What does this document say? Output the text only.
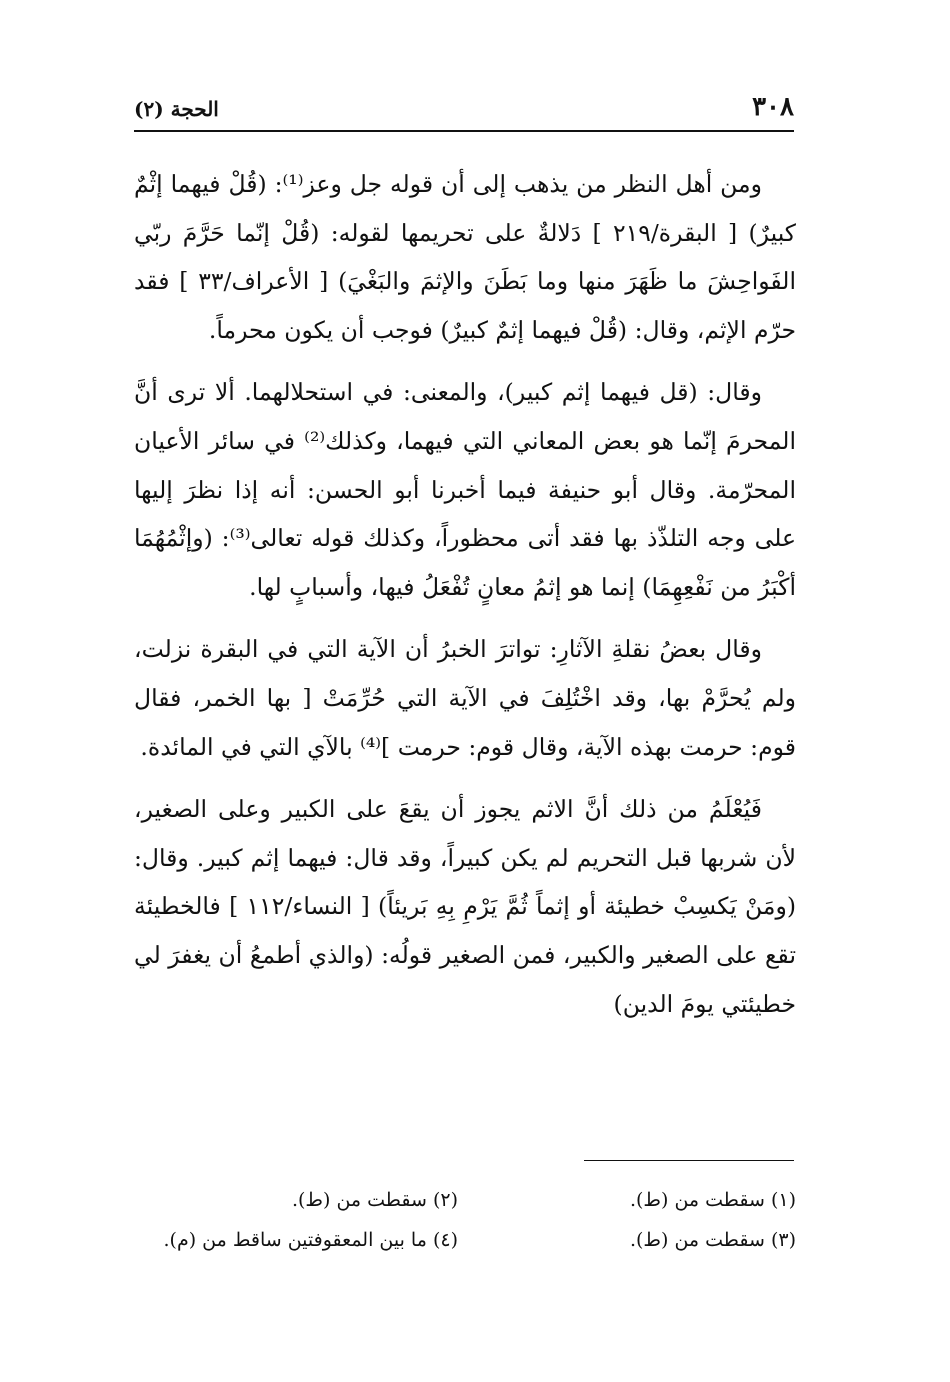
٣٠٨
الحجة (٢)

ومن أهل النظر من يذهب إلى أن قوله جل وعز⁽¹⁾: (قُلْ فيهما إثْمٌ كبيرٌ) [ البقرة/٢١٩ ] دَلالةٌ على تحريمها لقوله: (قُلْ إنّما حَرَّمَ ربّي الفَواحِشَ ما ظَهَرَ منها وما بَطَنَ والإثمَ والبَغْيَ) [ الأعراف/٣٣ ] فقد حرّم الإثم، وقال: (قُلْ فيهما إثمٌ كبيرٌ) فوجب أن يكون محرماً.

وقال: (قل فيهما إثم كبير)، والمعنى: في استحلالهما. ألا ترى أنَّ المحرمَ إنّما هو بعض المعاني التي فيهما، وكذلك⁽²⁾ في سائر الأعيان المحرّمة. وقال أبو حنيفة فيما أخبرنا أبو الحسن: أنه إذا نظرَ إليها على وجه التلذّذ بها فقد أتى محظوراً، وكذلك قوله تعالى⁽³⁾: (وإثْمُهُمَا أكْبَرُ من نَفْعِهِمَا) إنما هو إثمُ معانٍ تُفْعَلُ فيها، وأسبابٍ لها.

وقال بعضُ نقلةِ الآثارِ: تواترَ الخبرُ أن الآية التي في البقرة نزلت، ولم يُحرَّمْ بها، وقد اخْتُلِفَ في الآية التي حُرِّمَتْ [ بها الخمر، فقال قوم: حرمت بهذه الآية، وقال قوم: حرمت ]⁽⁴⁾ بالآي التي في المائدة.

فَيُعْلَمُ من ذلك أنَّ الاثم يجوز أن يقعَ على الكبير وعلى الصغير، لأن شربها قبل التحريم لم يكن كبيراً، وقد قال: فيهما إثم كبير. وقال: (ومَنْ يَكسِبْ خطيئة أو إثماً ثُمَّ يَرْمِ بِهِ بَريئاً) [ النساء/١١٢ ] فالخطيئة تقع على الصغير والكبير، فمن الصغير قولُه: (والذي أطمعُ أن يغفرَ لي خطيئتي يومَ الدين)

(١) سقطت من (ط).
(٢) سقطت من (ط).
(٣) سقطت من (ط).
(٤) ما بين المعقوفتين ساقط من (م).
